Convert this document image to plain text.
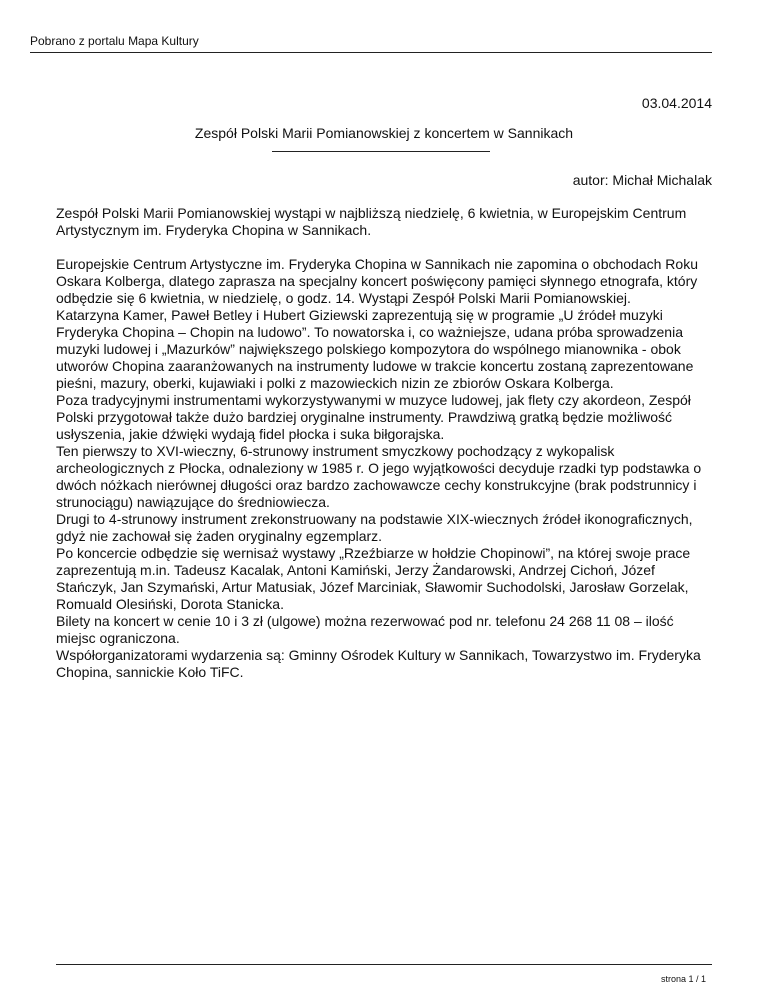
Pobrano z portalu Mapa Kultury
03.04.2014
Zespół Polski Marii Pomianowskiej z koncertem w Sannikach
autor: Michał Michalak

Zespół Polski Marii Pomianowskiej wystąpi w najbliższą niedzielę, 6 kwietnia, w Europejskim Centrum Artystycznym im. Fryderyka Chopina w Sannikach.

Europejskie Centrum Artystyczne im. Fryderyka Chopina w Sannikach nie zapomina o obchodach Roku Oskara Kolberga, dlatego zaprasza na specjalny koncert poświęcony pamięci słynnego etnografa, który odbędzie się 6 kwietnia, w niedzielę, o godz. 14. Wystąpi Zespół Polski Marii Pomianowskiej.

Katarzyna Kamer, Paweł Betley i Hubert Giziewski zaprezentują się w programie „U źródeł muzyki Fryderyka Chopina – Chopin na ludowo”. To nowatorska i, co ważniejsze, udana próba sprowadzenia muzyki ludowej i „Mazurków” największego polskiego kompozytora do wspólnego mianownika - obok utworów Chopina zaaranżowanych na instrumenty ludowe w trakcie koncertu zostaną zaprezentowane pieśni, mazury, oberki, kujawiaki i polki z mazowieckich nizin ze zbiorów Oskara Kolberga.

Poza tradycyjnymi instrumentami wykorzystywanymi w muzyce ludowej, jak flety czy akordeon, Zespół Polski przygotował także dużo bardziej oryginalne instrumenty. Prawdziwą gratką będzie możliwość usłyszenia, jakie dźwięki wydają fidel płocka i suka biłgorajska.

Ten pierwszy to XVI-wieczny, 6-strunowy instrument smyczkowy pochodzący z wykopalisk archeologicznych z Płocka, odnaleziony w 1985 r. O jego wyjątkowości decyduje rzadki typ podstawka o dwóch nóżkach nierównej długości oraz bardzo zachowawcze cechy konstrukcyjne (brak podstrunnicy i strunociągu) nawiązujące do średniowiecza.

Drugi to 4-strunowy instrument zrekonstruowany na podstawie XIX-wiecznych źródeł ikonograficznych, gdyż nie zachował się żaden oryginalny egzemplarz.

Po koncercie odbędzie się wernisaż wystawy „Rzeźbiarze w hołdzie Chopinowi”, na której swoje prace zaprezentują m.in. Tadeusz Kacalak, Antoni Kamiński, Jerzy Żandarowski, Andrzej Cichoń, Józef Stańczyk, Jan Szymański, Artur Matusiak, Józef Marciniak, Sławomir Suchodolski, Jarosław Gorzelak, Romuald Olesiński, Dorota Stanicka.

Bilety na koncert w cenie 10 i 3 zł (ulgowe) można rezerwować pod nr. telefonu 24 268 11 08 – ilość miejsc ograniczona.

Współorganizatorami wydarzenia są: Gminny Ośrodek Kultury w Sannikach, Towarzystwo im. Fryderyka Chopina, sannickie Koło TiFC.

strona 1 / 1
